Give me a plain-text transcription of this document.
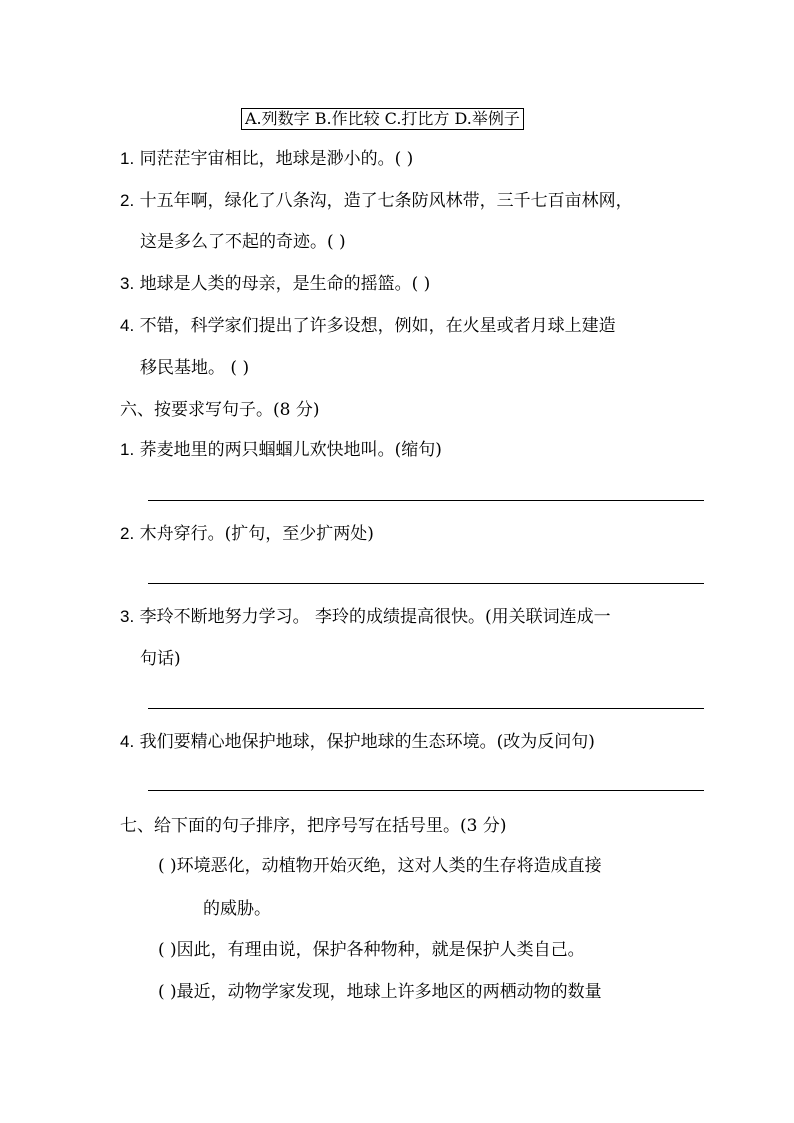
A.列数字 B.作比较 C.打比方 D.举例子
1. 同茫茫宇宙相比，地球是渺小的。( )
2. 十五年啊，绿化了八条沟，造了七条防风林带，三千七百亩林网，
这是多么了不起的奇迹。( )
3. 地球是人类的母亲，是生命的摇篮。( )
4. 不错，科学家们提出了许多设想，例如，在火星或者月球上建造
移民基地。 ( )
六、按要求写句子。(8 分)
1. 荞麦地里的两只蝈蝈儿欢快地叫。(缩句)
2. 木舟穿行。(扩句，至少扩两处)
3. 李玲不断地努力学习。 李玲的成绩提高很快。(用关联词连成一
句话)
4. 我们要精心地保护地球，保护地球的生态环境。(改为反问句)
七、给下面的句子排序，把序号写在括号里。(3 分)
( )环境恶化，动植物开始灭绝，这对人类的生存将造成直接
的威胁。
( )因此，有理由说，保护各种物种，就是保护人类自己。
( )最近，动物学家发现，地球上许多地区的两栖动物的数量
